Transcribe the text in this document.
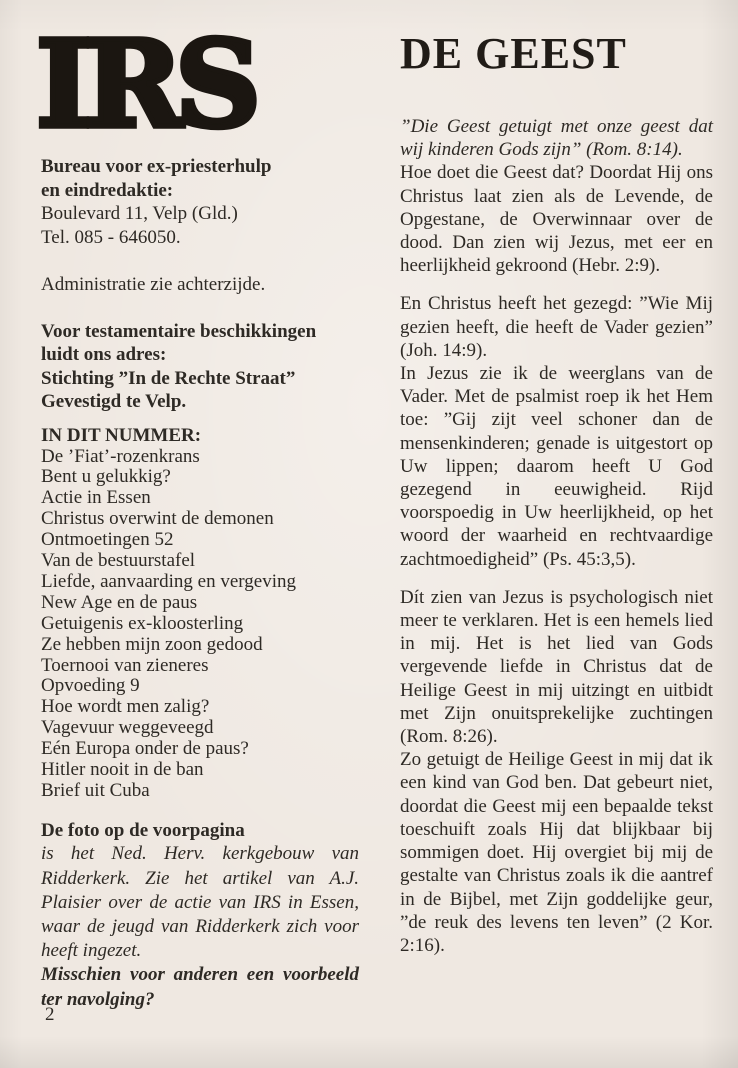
IRS

Bureau voor ex-priesterhulp

en eindredaktie:

Boulevard 11, Velp (Gld.)

Tel. 085 - 646050.

Administratie zie achterzijde.

Voor testamentaire beschikkingen

luidt ons adres:

Stichting ”In de Rechte Straat”

Gevestigd te Velp.

IN DIT NUMMER:

De ’Fiat’-rozenkrans

Bent u gelukkig?

Actie in Essen

Christus overwint de demonen

Ontmoetingen 52

Van de bestuurstafel

Liefde, aanvaarding en vergeving

New Age en de paus

Getuigenis ex-kloosterling

Ze hebben mijn zoon gedood

Toernooi van zieneres

Opvoeding 9

Hoe wordt men zalig?

Vagevuur weggeveegd

Eén Europa onder de paus?

Hitler nooit in de ban

Brief uit Cuba

De foto op de voorpagina

is het Ned. Herv. kerkgebouw van Ridderkerk. Zie het artikel van A.J. Plaisier over de actie van IRS in Essen, waar de jeugd van Ridderkerk zich voor heeft ingezet.

Misschien voor anderen een voorbeeld ter navolging?

DE GEEST

”Die Geest getuigt met onze geest dat wij kinderen Gods zijn” (Rom. 8:14).

Hoe doet die Geest dat? Doordat Hij ons Christus laat zien als de Levende, de Opgestane, de Overwinnaar over de dood. Dan zien wij Jezus, met eer en heerlijkheid gekroond (Hebr. 2:9).

En Christus heeft het gezegd: ”Wie Mij gezien heeft, die heeft de Vader gezien” (Joh. 14:9).

In Jezus zie ik de weerglans van de Vader. Met de psalmist roep ik het Hem toe: ”Gij zijt veel schoner dan de mensenkinderen; genade is uitgestort op Uw lippen; daarom heeft U God gezegend in eeuwigheid. Rijd voorspoedig in Uw heerlijkheid, op het woord der waarheid en rechtvaardige zachtmoedigheid” (Ps. 45:3,5).

Dít zien van Jezus is psychologisch niet meer te verklaren. Het is een hemels lied in mij. Het is het lied van Gods vergevende liefde in Christus dat de Heilige Geest in mij uitzingt en uitbidt met Zijn onuitsprekelijke zuchtingen (Rom. 8:26).

Zo getuigt de Heilige Geest in mij dat ik een kind van God ben. Dat gebeurt niet, doordat die Geest mij een bepaalde tekst toeschuift zoals Hij dat blijkbaar bij sommigen doet. Hij overgiet bij mij de gestalte van Christus zoals ik die aantref in de Bijbel, met Zijn goddelijke geur, ”de reuk des levens ten leven” (2 Kor. 2:16).

2
